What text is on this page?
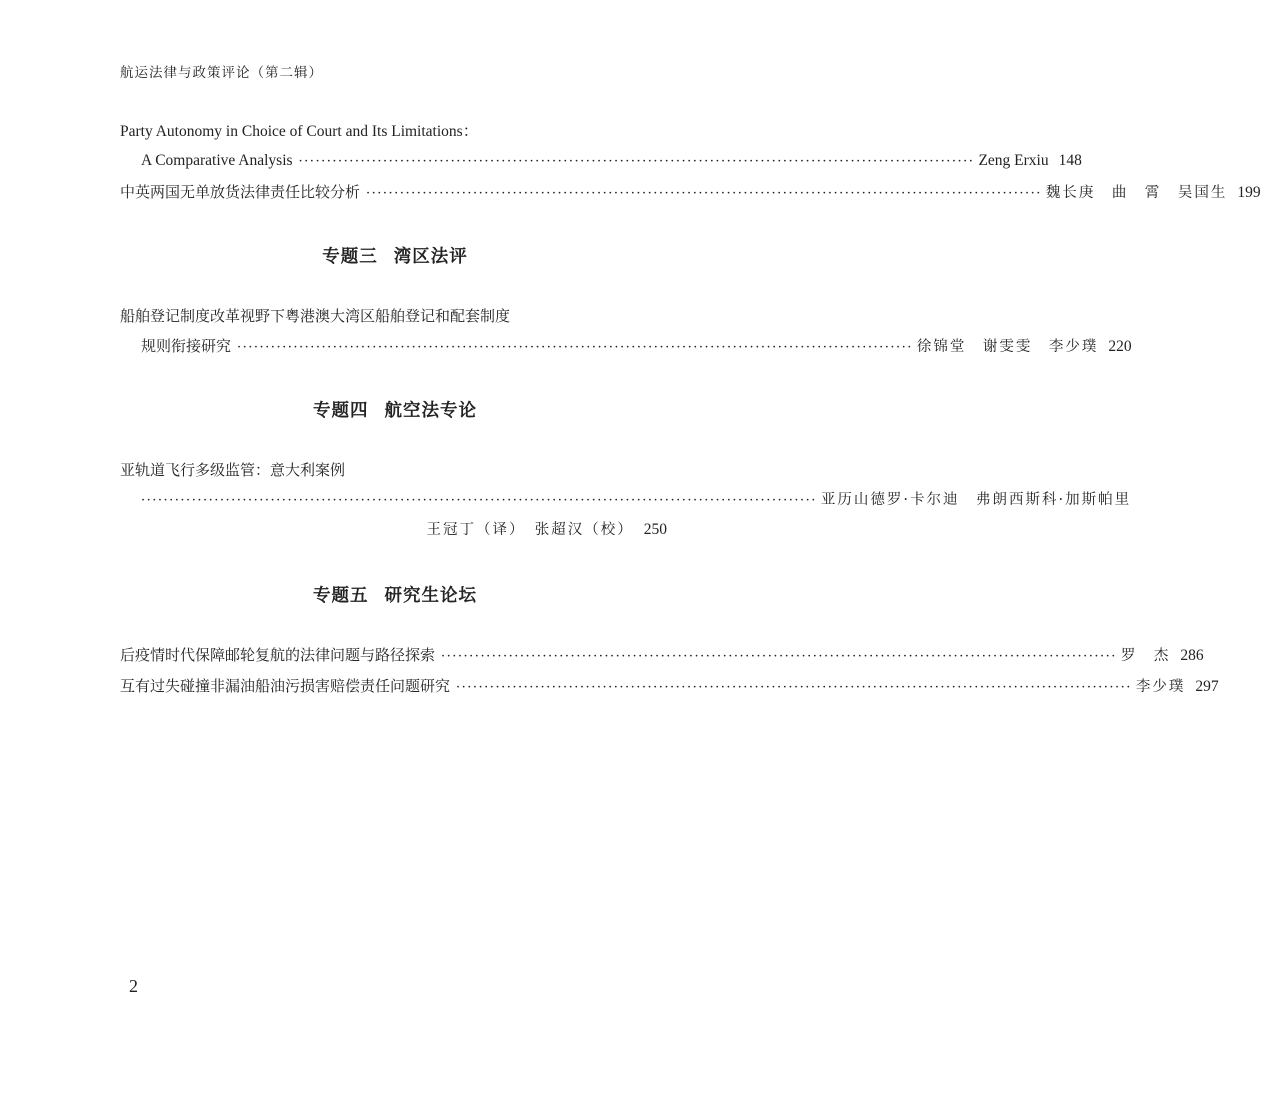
航运法律与政策评论（第二辑）
Party Autonomy in Choice of Court and Its Limitations：
A Comparative Analysis ························································································································ Zeng Erxiu 148
中英两国无单放货法律责任比较分析 ························································································································ 魏长庚　曲　霄　吴国生 199
专题三 湾区法评
船舶登记制度改革视野下粤港澳大湾区船舶登记和配套制度
规则衔接研究 ························································································································ 徐锦堂　谢雯雯　李少璞 220
专题四 航空法专论
亚轨道飞行多级监管：意大利案例
························································································································ 亚历山德罗·卡尔迪　弗朗西斯科·加斯帕里
王冠丁（译）　张超汉（校） 250
专题五 研究生论坛
后疫情时代保障邮轮复航的法律问题与路径探索 ························································································································ 罗　杰 286
互有过失碰撞非漏油船油污损害赔偿责任问题研究 ························································································································ 李少璞 297
2
